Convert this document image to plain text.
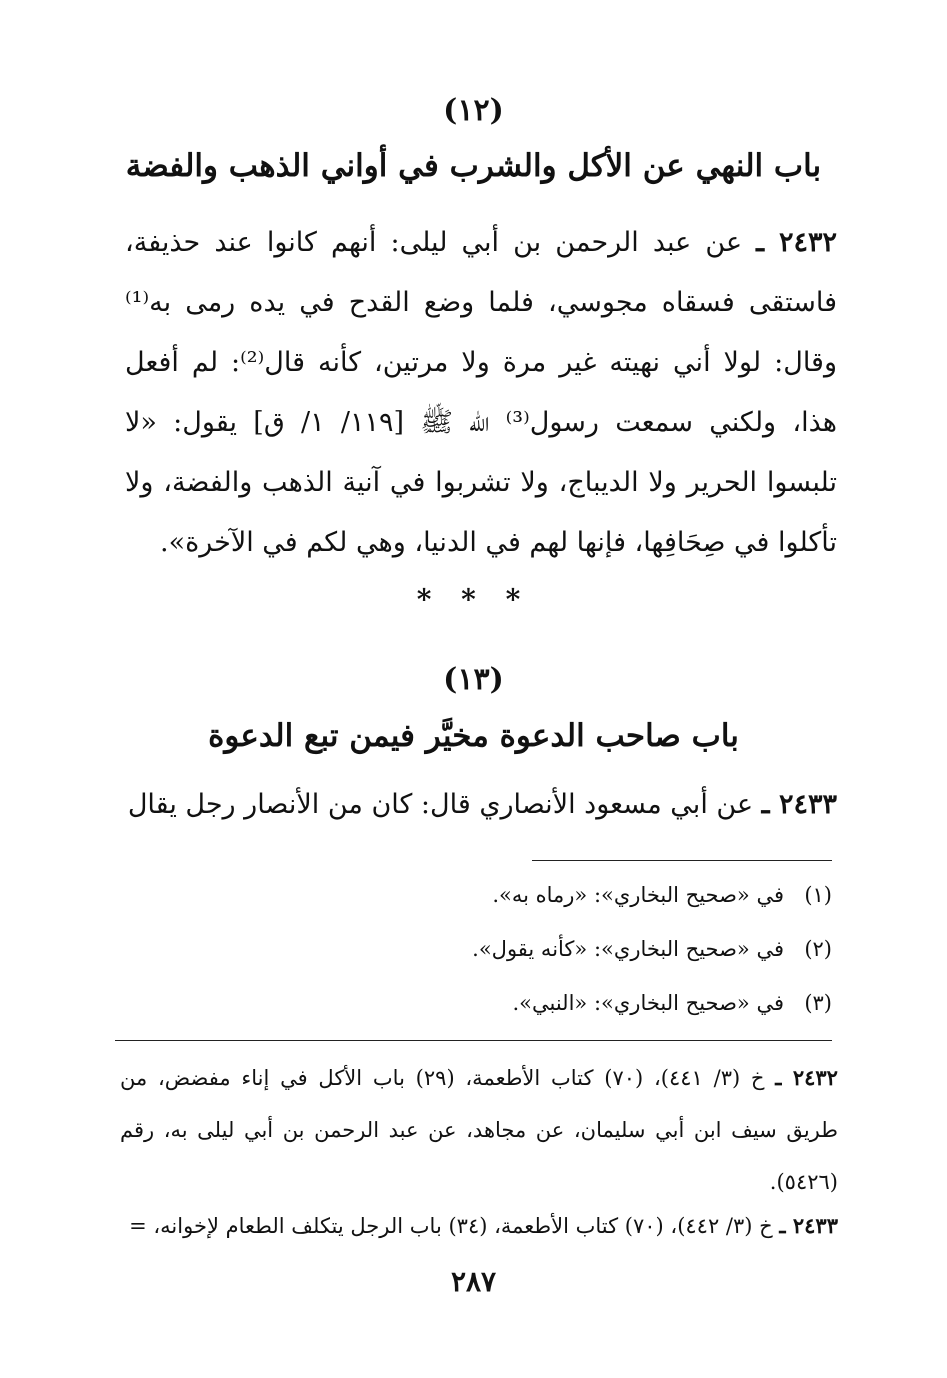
(١٢)
باب النهي عن الأكل والشرب في أواني الذهب والفضة
٢٤٣٢ ـ عن عبد الرحمن بن أبي ليلى: أنهم كانوا عند حذيفة، فاستقى فسقاه مجوسي، فلما وضع القدح في يده رمى به⁽¹⁾ وقال: لولا أني نهيته غير مرة ولا مرتين، كأنه قال⁽²⁾: لم أفعل هذا، ولكني سمعت رسول⁽³⁾ الله ﷺ [١١٩/ ١/ ق] يقول: «لا تلبسوا الحرير ولا الديباج، ولا تشربوا في آنية الذهب والفضة، ولا تأكلوا في صِحَافِها، فإنها لهم في الدنيا، وهي لكم في الآخرة».
* * *
(١٣)
باب صاحب الدعوة مخيَّر فيمن تبع الدعوة
٢٤٣٣ ـ عن أبي مسعود الأنصاري قال: كان من الأنصار رجل يقال
(١)في «صحيح البخاري»: «رماه به».
(٢)في «صحيح البخاري»: «كأنه يقول».
(٣)في «صحيح البخاري»: «النبي».
٢٤٣٢ ـ خ (٣/ ٤٤١)، (٧٠) كتاب الأطعمة، (٢٩) باب الأكل في إناء مفضض، من طريق سيف ابن أبي سليمان، عن مجاهد، عن عبد الرحمن بن أبي ليلى به، رقم (٥٤٢٦).
٢٤٣٣ ـ خ (٣/ ٤٤٢)، (٧٠) كتاب الأطعمة، (٣٤) باب الرجل يتكلف الطعام لإخوانه، =
٢٨٧
